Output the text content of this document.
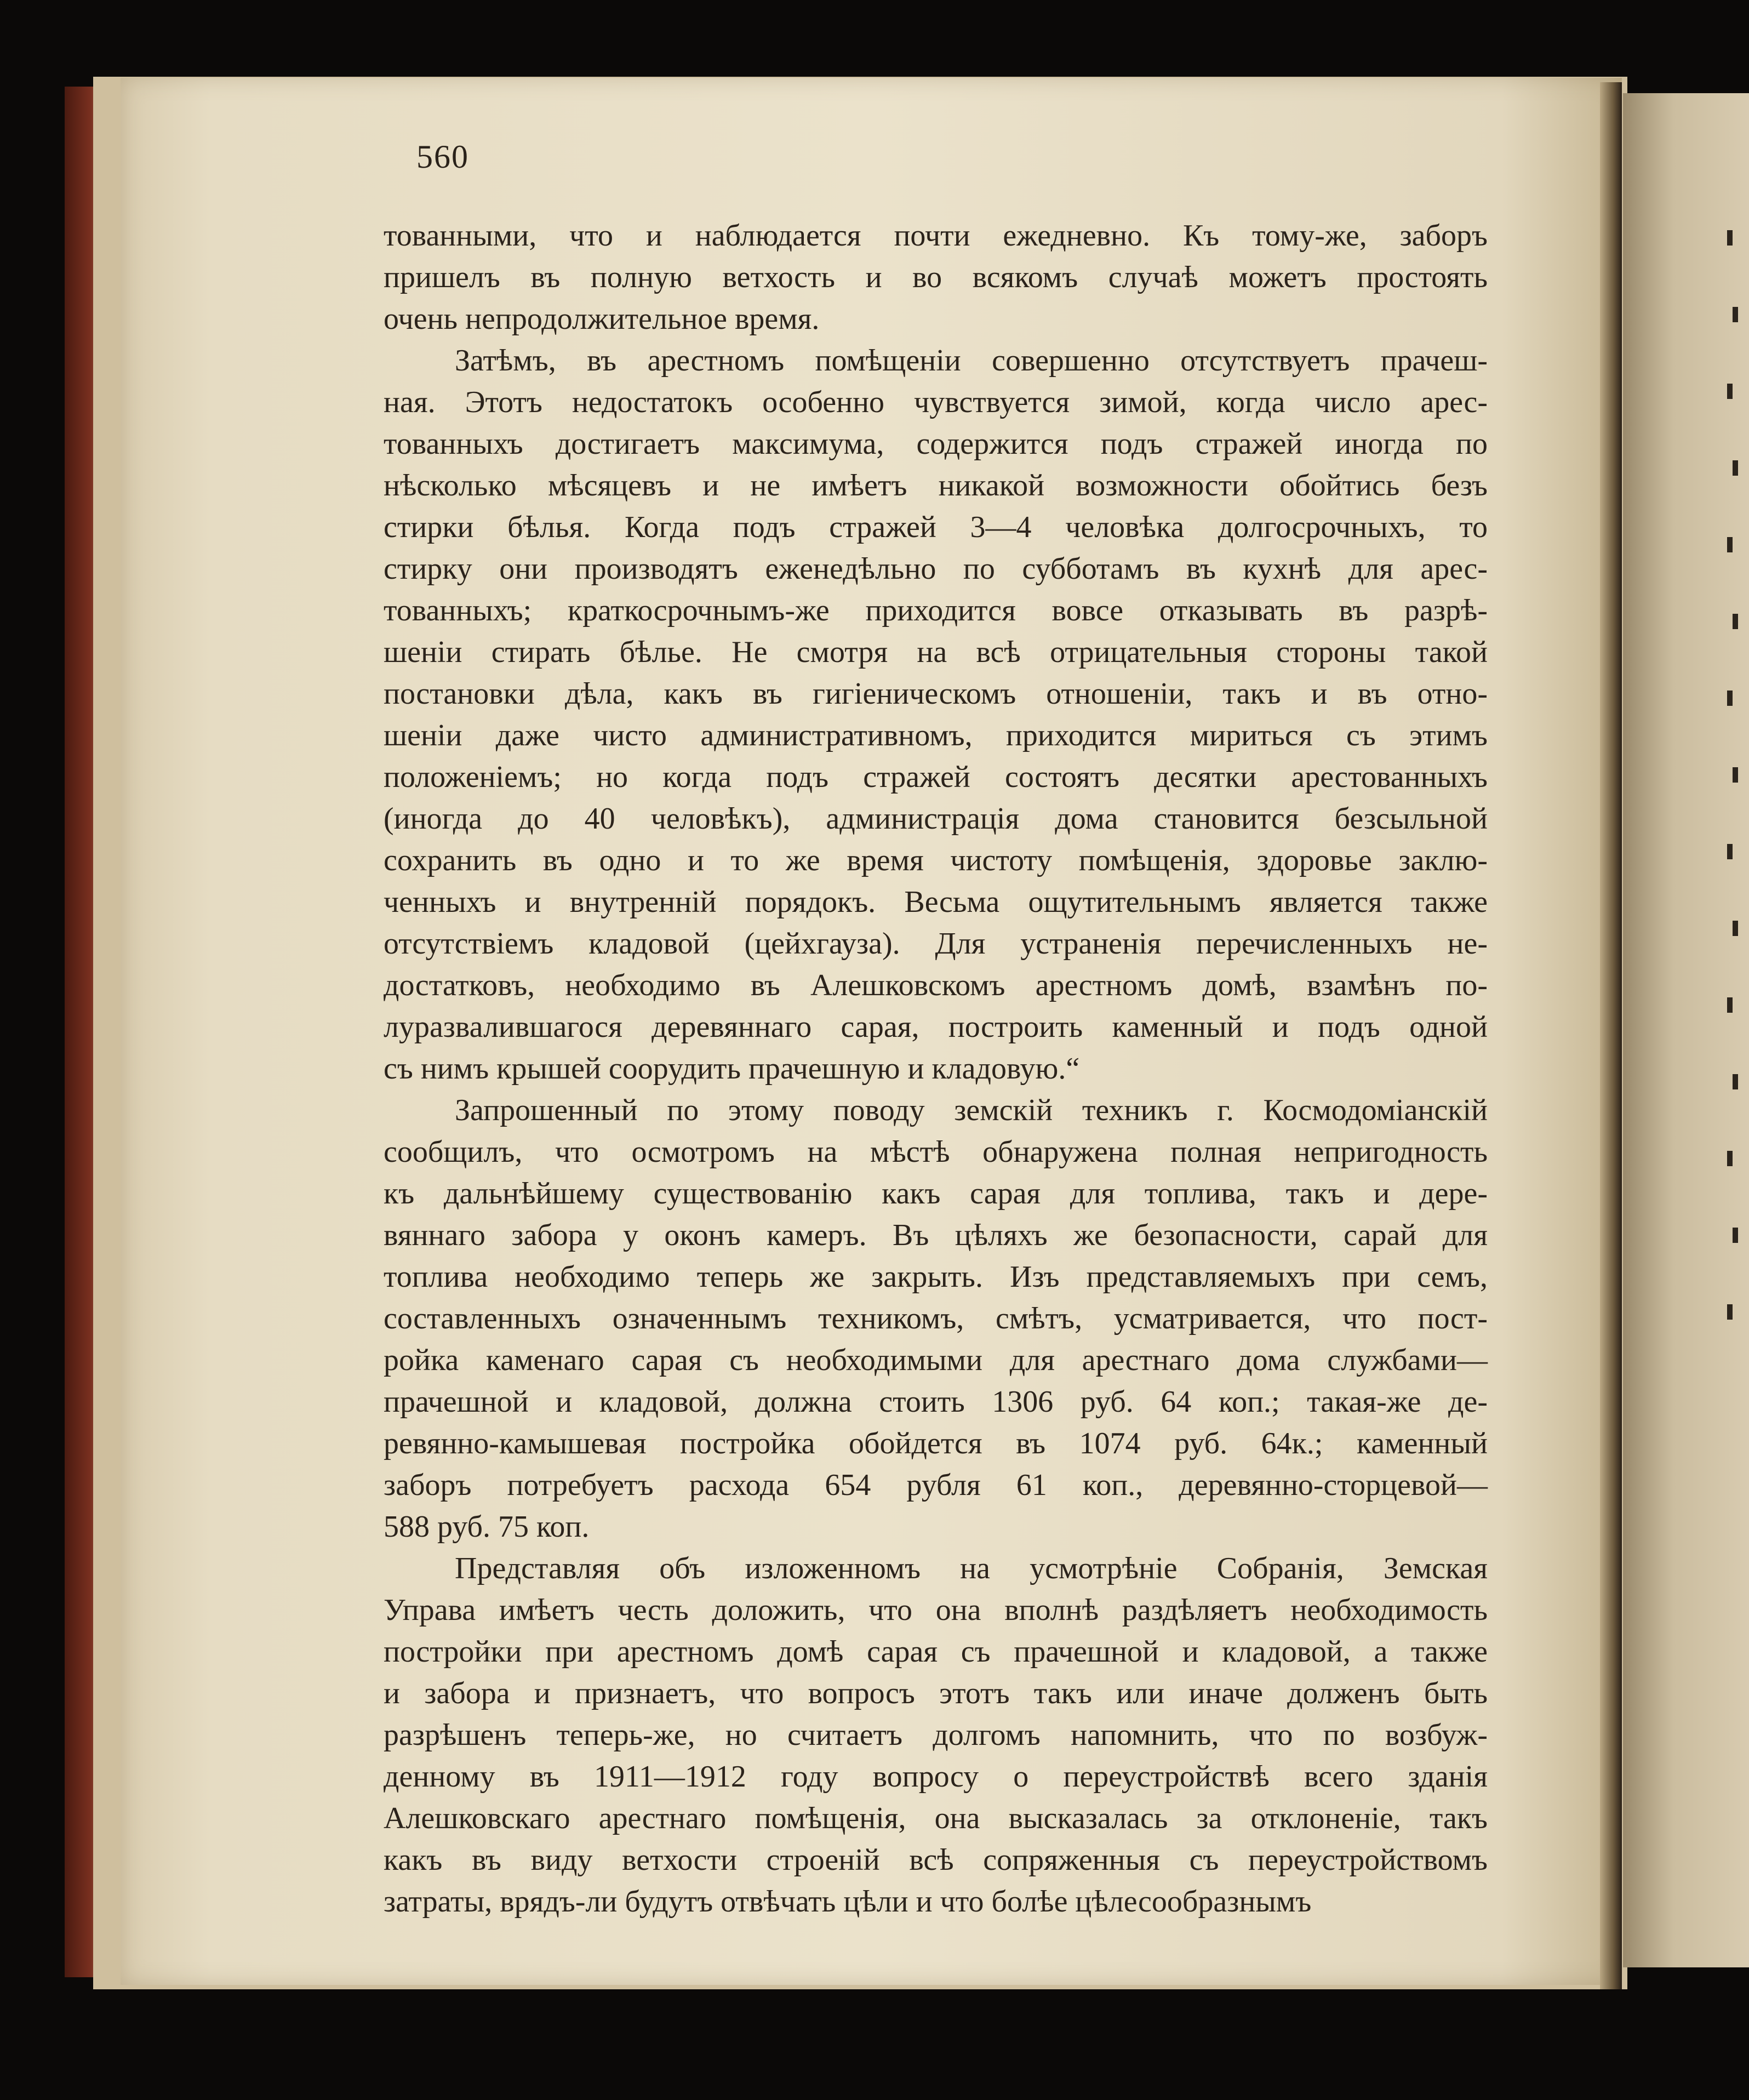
560
тованными, что и наблюдается почти ежедневно. Къ тому-же, заборъ
пришелъ въ полную ветхость и во всякомъ случаѣ можетъ простоять
очень непродолжительное время.
Затѣмъ, въ арестномъ помѣщеніи совершенно отсутствуетъ прачеш-
ная. Этотъ недостатокъ особенно чувствуется зимой, когда число арес-
тованныхъ достигаетъ максимума, содержится подъ стражей иногда по
нѣсколько мѣсяцевъ и не имѣетъ никакой возможности обойтись безъ
стирки бѣлья. Когда подъ стражей 3—4 человѣка долгосрочныхъ, то
стирку они производятъ еженедѣльно по субботамъ въ кухнѣ для арес-
тованныхъ; краткосрочнымъ-же приходится вовсе отказывать въ разрѣ-
шеніи стирать бѣлье. Не смотря на всѣ отрицательныя стороны такой
постановки дѣла, какъ въ гигіеническомъ отношеніи, такъ и въ отно-
шеніи даже чисто административномъ, приходится мириться съ этимъ
положеніемъ; но когда подъ стражей состоятъ десятки арестованныхъ
(иногда до 40 человѣкъ), администрація дома становится безсыльной
сохранить въ одно и то же время чистоту помѣщенія, здоровье заклю-
ченныхъ и внутренній порядокъ. Весьма ощутительнымъ является также
отсутствіемъ кладовой (цейхгауза). Для устраненія перечисленныхъ не-
достатковъ, необходимо въ Алешковскомъ арестномъ домѣ, взамѣнъ по-
луразвалившагося деревяннаго сарая, построить каменный и подъ одной
съ нимъ крышей соорудить прачешную и кладовую.“
Запрошенный по этому поводу земскій техникъ г. Космодоміанскій
сообщилъ, что осмотромъ на мѣстѣ обнаружена полная непригодность
къ дальнѣйшему существованію какъ сарая для топлива, такъ и дере-
вяннаго забора у оконъ камеръ. Въ цѣляхъ же безопасности, сарай для
топлива необходимо теперь же закрыть. Изъ представляемыхъ при семъ,
составленныхъ означеннымъ техникомъ, смѣтъ, усматривается, что пост-
ройка каменаго сарая съ необходимыми для арестнаго дома службами—
прачешной и кладовой, должна стоить 1306 руб. 64 коп.; такая-же де-
ревянно-камышевая постройка обойдется въ 1074 руб. 64к.; каменный
заборъ потребуетъ расхода 654 рубля 61 коп., деревянно-сторцевой—
588 руб. 75 коп.
Представляя объ изложенномъ на усмотрѣніе Собранія, Земская
Управа имѣетъ честь доложить, что она вполнѣ раздѣляетъ необходимость
постройки при арестномъ домѣ сарая съ прачешной и кладовой, а также
и забора и признаетъ, что вопросъ этотъ такъ или иначе долженъ быть
разрѣшенъ теперь-же, но считаетъ долгомъ напомнить, что по возбуж-
денному въ 1911—1912 году вопросу о переустройствѣ всего зданія
Алешковскаго арестнаго помѣщенія, она высказалась за отклоненіе, такъ
какъ въ виду ветхости строеній всѣ сопряженныя съ переустройствомъ
затраты, врядъ-ли будутъ отвѣчать цѣли и что болѣе цѣлесообразнымъ
